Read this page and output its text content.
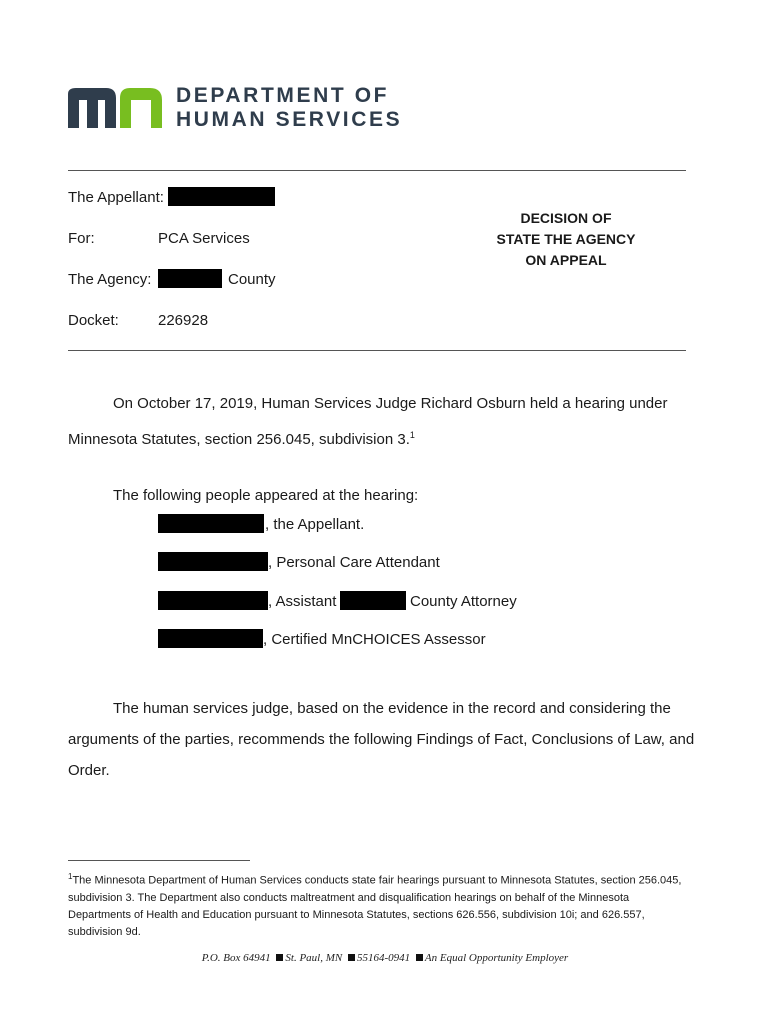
DEPARTMENT OF
HUMAN SERVICES
The Appellant:
For:	PCA Services
The Agency:	County
Docket:	226928
DECISION OF
STATE THE AGENCY
ON APPEAL
On October 17, 2019, Human Services Judge Richard Osburn held a hearing under
Minnesota Statutes, section 256.045, subdivision 3.$^1$
The following people appeared at the hearing:
, the Appellant.
, Personal Care Attendant
, Assistant	County Attorney
, Certified MnCHOICES Assessor
The human services judge, based on the evidence in the record and considering the
arguments of the parties, recommends the following Findings of Fact, Conclusions of Law, and
Order.
$^1$The Minnesota Department of Human Services conducts state fair hearings pursuant to Minnesota Statutes, section 256.045, subdivision 3. The Department also conducts maltreatment and disqualification hearings on behalf of the Minnesota Departments of Health and Education pursuant to Minnesota Statutes, sections 626.556, subdivision 10i; and 626.557, subdivision 9d.
P.O. Box 64941 St. Paul, MN 55164-0941 An Equal Opportunity Employer
